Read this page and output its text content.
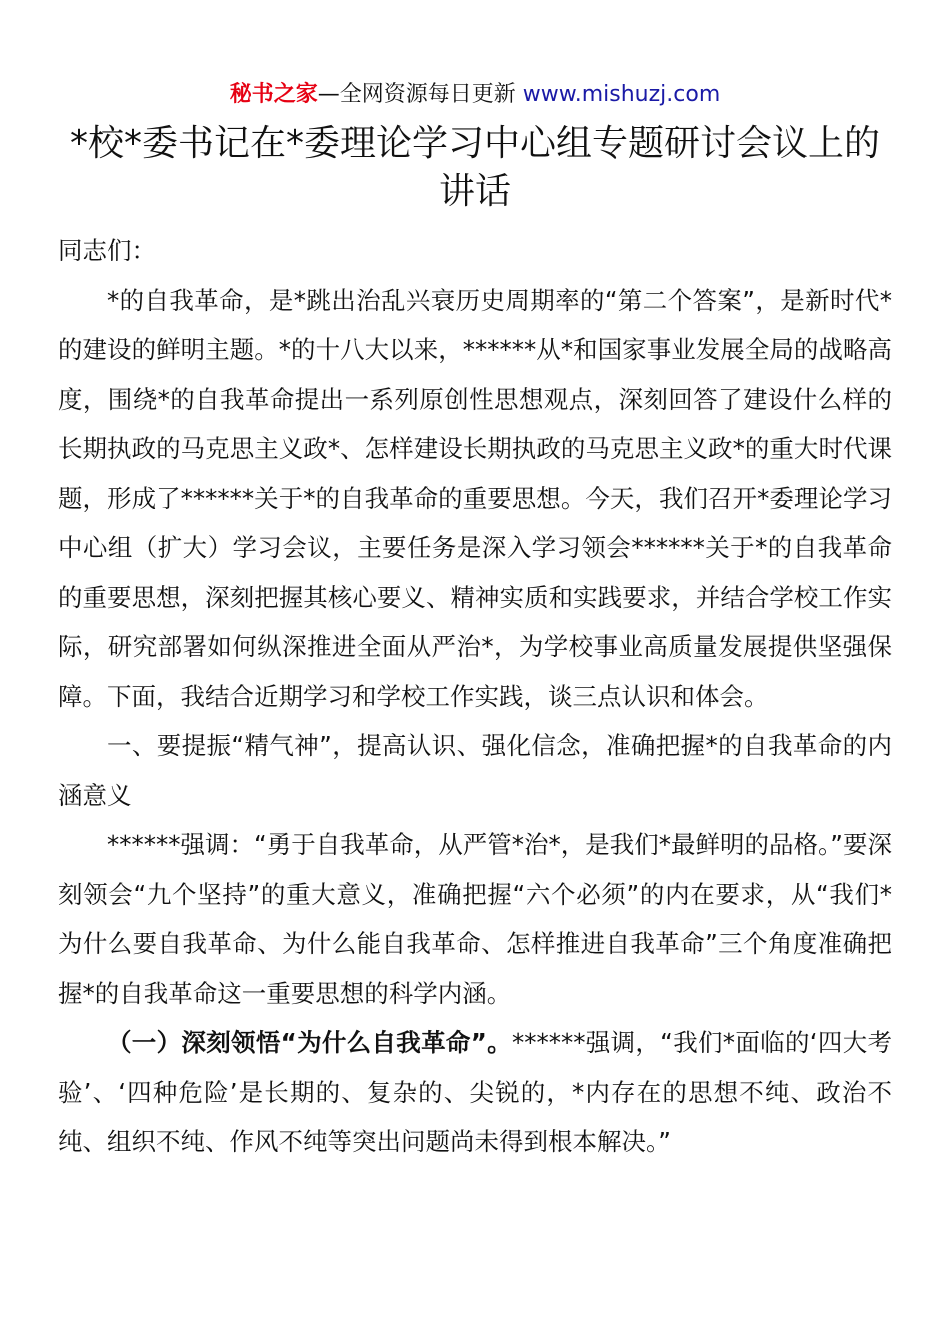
秘书之家—全网资源每日更新 www.mishuzj.com
*校*委书记在*委理论学习中心组专题研讨会议上的讲话

同志们：

*的自我革命，是*跳出治乱兴衰历史周期率的“第二个答案”，是新时代*的建设的鲜明主题。*的十八大以来，******从*和国家事业发展全局的战略高度，围绕*的自我革命提出一系列原创性思想观点，深刻回答了建设什么样的长期执政的马克思主义政*、怎样建设长期执政的马克思主义政*的重大时代课题，形成了******关于*的自我革命的重要思想。今天，我们召开*委理论学习中心组（扩大）学习会议，主要任务是深入学习领会******关于*的自我革命的重要思想，深刻把握其核心要义、精神实质和实践要求，并结合学校工作实际，研究部署如何纵深推进全面从严治*，为学校事业高质量发展提供坚强保障。下面，我结合近期学习和学校工作实践，谈三点认识和体会。

一、要提振“精气神”，提高认识、强化信念，准确把握*的自我革命的内涵意义

******强调：“勇于自我革命，从严管*治*，是我们*最鲜明的品格。”要深刻领会“九个坚持”的重大意义，准确把握“六个必须”的内在要求，从“我们*为什么要自我革命、为什么能自我革命、怎样推进自我革命”三个角度准确把握*的自我革命这一重要思想的科学内涵。

（一）深刻领悟“为什么自我革命”。******强调，“我们*面临的‘四大考验’、‘四种危险’是长期的、复杂的、尖锐的，*内存在的思想不纯、政治不纯、组织不纯、作风不纯等突出问题尚未得到根本解决。”
